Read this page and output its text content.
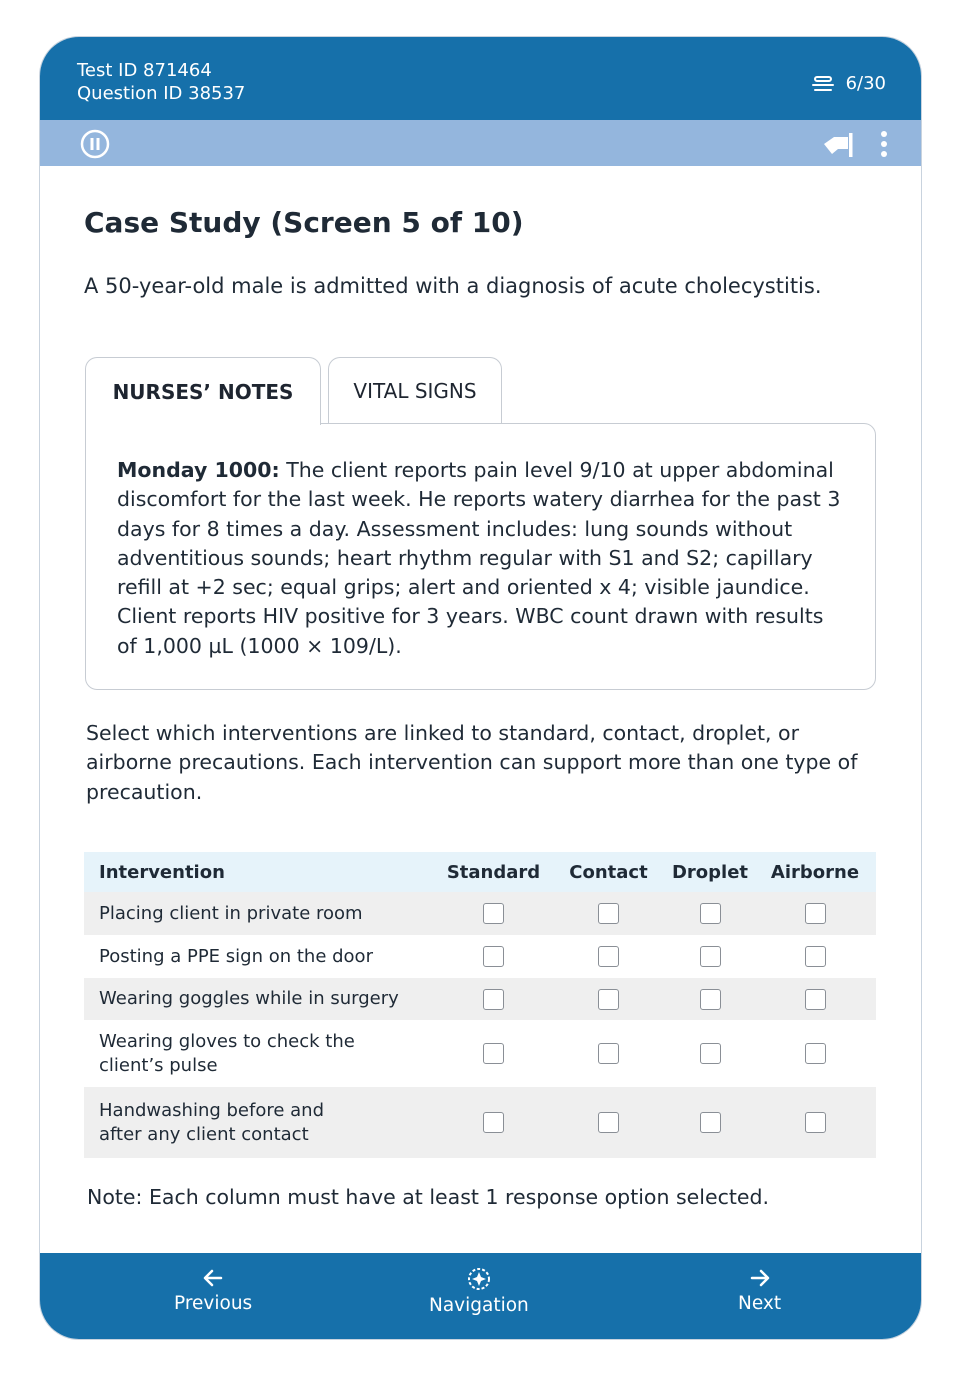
Test ID 871464
Question ID 38537	6/30
Case Study (Screen 5 of 10)
A 50-year-old male is admitted with a diagnosis of acute cholecystitis.
NURSES’ NOTES	VITAL SIGNS
Monday 1000: The client reports pain level 9/10 at upper abdominal discomfort for the last week. He reports watery diarrhea for the past 3 days for 8 times a day. Assessment includes: lung sounds without adventitious sounds; heart rhythm regular with S1 and S2; capillary refill at +2 sec; equal grips; alert and oriented x 4; visible jaundice. Client reports HIV positive for 3 years. WBC count drawn with results of 1,000 µL (1000 × 109/L).
Select which interventions are linked to standard, contact, droplet, or airborne precautions. Each intervention can support more than one type of precaution.
Intervention	Standard	Contact	Droplet	Airborne
Placing client in private room				
Posting a PPE sign on the door				
Wearing goggles while in surgery				
Wearing gloves to check the client’s pulse				
Handwashing before and after any client contact				
Note: Each column must have at least 1 response option selected.
Previous	Navigation	Next
